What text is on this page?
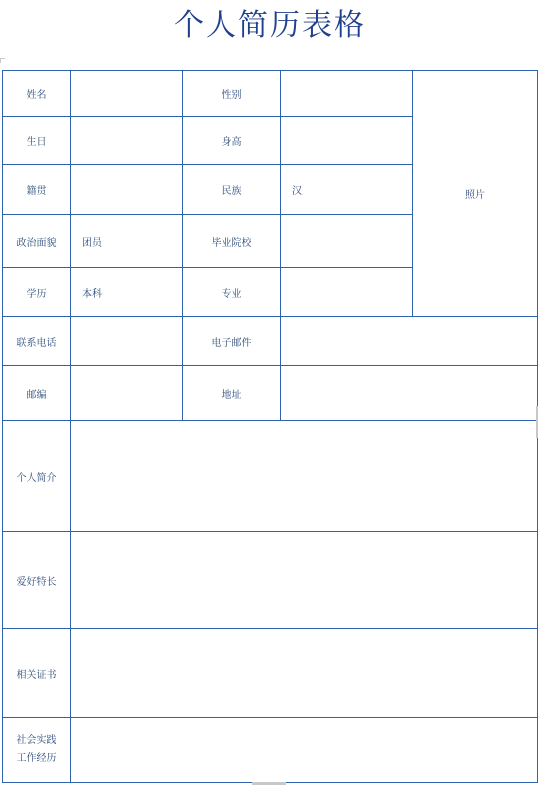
个人简历表格
姓名		性别		照片
生日		身高		
籍贯		民族	汉	
政治面貌	团员	毕业院校		
学历	本科	专业		
联系电话		电子邮件		
邮编		地址		
个人简介				
爱好特长				
相关证书				

社会实践
工作经历				
